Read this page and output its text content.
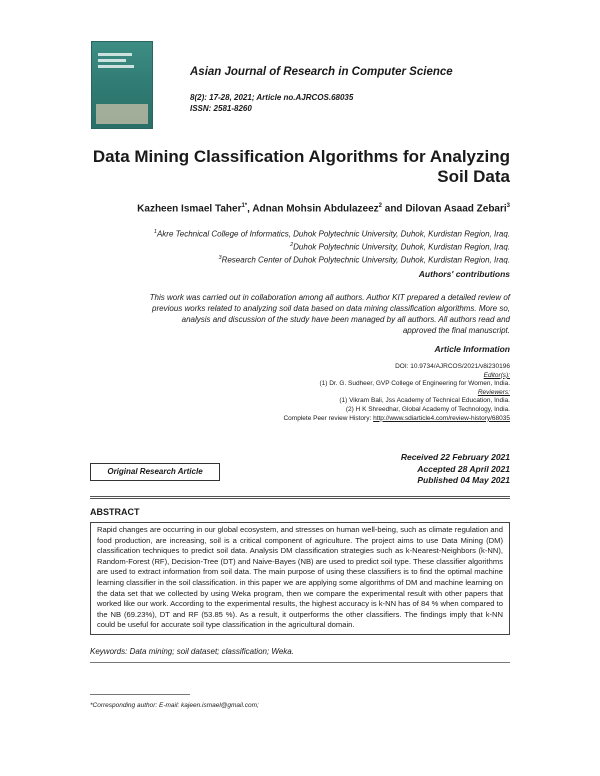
Asian Journal of Research in Computer Science
8(2): 17-28, 2021; Article no.AJRCOS.68035
ISSN: 2581-8260
Data Mining Classification Algorithms for Analyzing
Soil Data
Kazheen Ismael Taher$^{1*}$, Adnan Mohsin Abdulazeez$^2$ and Dilovan Asaad Zebari$^3$
$^1$Akre Technical College of Informatics, Duhok Polytechnic University, Duhok, Kurdistan Region, Iraq.
$^2$Duhok Polytechnic University, Duhok, Kurdistan Region, Iraq.
$^3$Research Center of Duhok Polytechnic University, Duhok, Kurdistan Region, Iraq.
Authors' contributions
This work was carried out in collaboration among all authors. Author KIT prepared a detailed review of
previous works related to analyzing soil data based on data mining classification algorithms. More so,
analysis and discussion of the study have been managed by all authors. All authors read and
approved the final manuscript.
Article Information
DOI: 10.9734/AJRCOS/2021/v8i230196
Editor(s):
(1) Dr. G. Sudheer, GVP College of Engineering for Women, India.
Reviewers:
(1) Vikram Bali, Jss Academy of Technical Education, India.
(2) H K Shreedhar, Global Academy of Technology, India.
Complete Peer review History: http://www.sdiarticle4.com/review-history/68035
Original Research Article
Received 22 February 2021
Accepted 28 April 2021
Published 04 May 2021
ABSTRACT
Rapid changes are occurring in our global ecosystem, and stresses on human well-being, such as climate regulation and food production, are increasing, soil is a critical component of agriculture. The project aims to use Data Mining (DM) classification techniques to predict soil data. Analysis DM classification strategies such as k-Nearest-Neighbors (k-NN), Random-Forest (RF), Decision-Tree (DT) and Naive-Bayes (NB) are used to predict soil type. These classifier algorithms are used to extract information from soil data. The main purpose of using these classifiers is to find the optimal machine learning classifier in the soil classification. in this paper we are applying some algorithms of DM and machine learning on the data set that we collected by using Weka program, then we compare the experimental result with other papers that worked like our work. According to the experimental results, the highest accuracy is k-NN has of 84 % when compared to the NB (69.23%), DT and RF (53.85 %). As a result, it outperforms the other classifiers. The findings imply that k-NN could be useful for accurate soil type classification in the agricultural domain.
Keywords: Data mining; soil dataset; classification; Weka.
*Corresponding author: E-mail: kajeen.ismael@gmail.com;
